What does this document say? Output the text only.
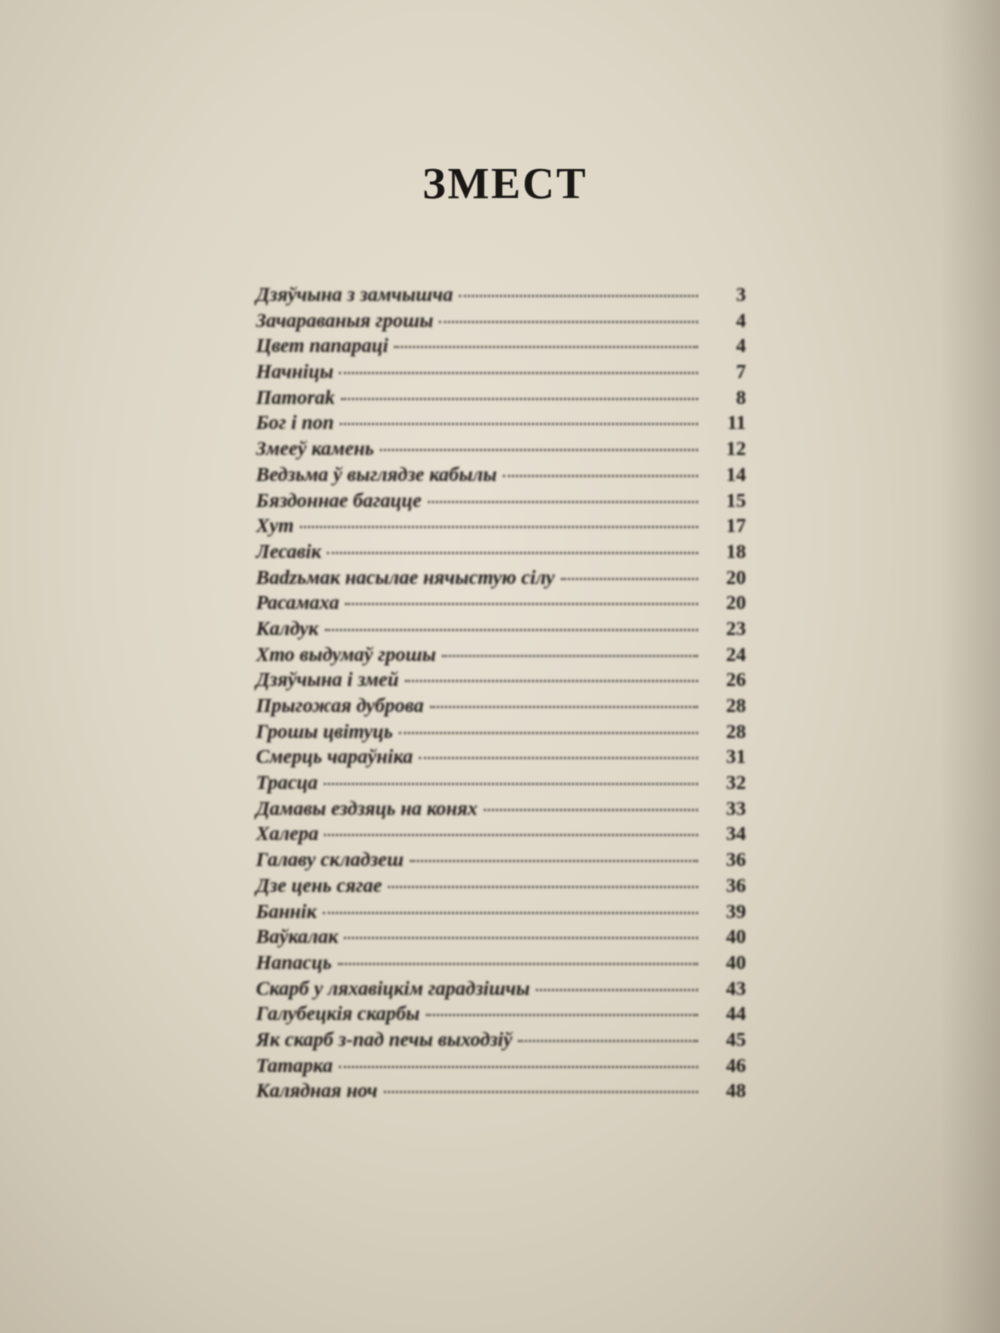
ЗМЕСТ
Дзяўчына з замчышча	3
Зачараваныя грошы	4
Цвет папараці	4
Начніцы	7
Пamorak	8
Бог і поп	11
Змееў камень	12
Ведзьма ў выглядзе кабылы	14
Бяздоннае багацце	15
Хут	17
Лесавік	18
Ваdzьмак насылае нячыстую сілу	20
Расамаха	20
Калдук	23
Хто выдумаў грошы	24
Дзяўчына і змей	26
Прыгожая дуброва	28
Грошы цвітуць	28
Смерць чараўніка	31
Трасца	32
Дамавы ездзяць на конях	33
Халера	34
Галаву складзеш	36
Дзе цень сягае	36
Баннік	39
Ваўкалак	40
Напасць	40
Скарб у ляхавіцкім гарадзішчы	43
Галубецкія скарбы	44
Як скарб з-пад печы выходзіў	45
Татарка	46
Калядная ноч	48
